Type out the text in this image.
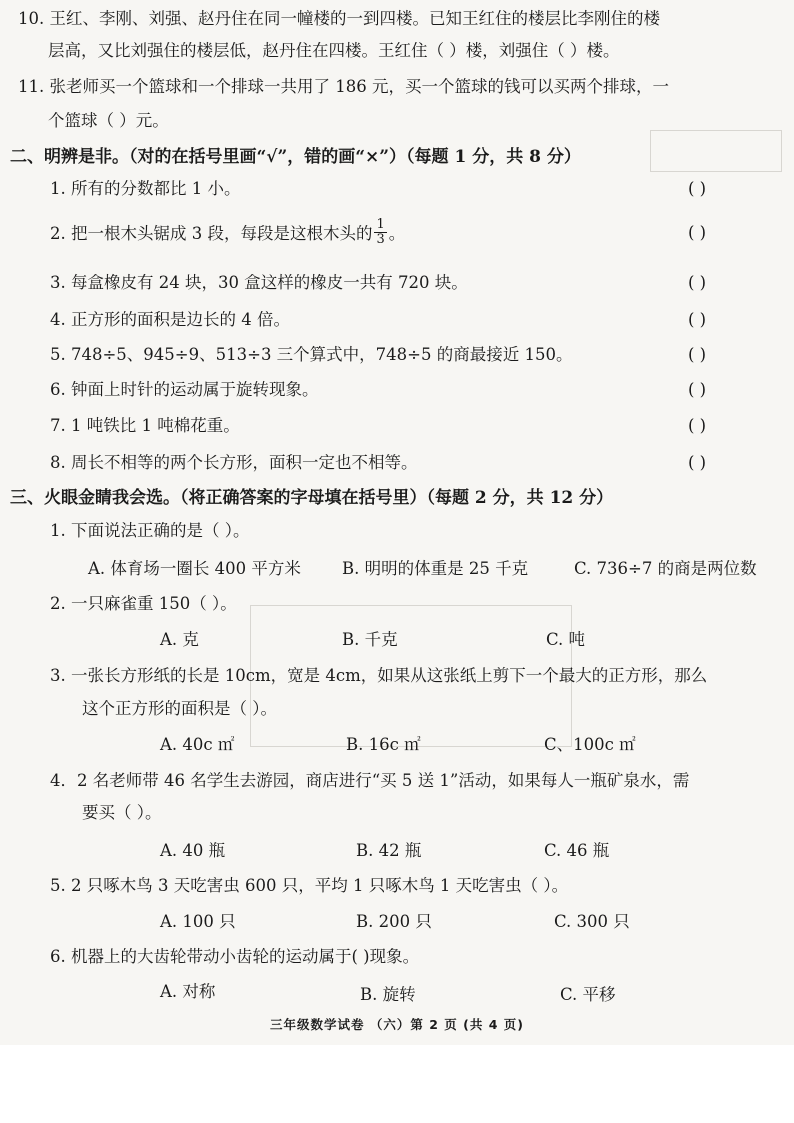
10. 王红、李刚、刘强、赵丹住在同一幢楼的一到四楼。已知王红住的楼层比李刚住的楼
层高，又比刘强住的楼层低，赵丹住在四楼。王红住（ ）楼，刘强住（ ）楼。
11. 张老师买一个篮球和一个排球一共用了 186 元，买一个篮球的钱可以买两个排球，一
个篮球（ ）元。
二、明辨是非。（对的在括号里画“√”，错的画“×”）（每题 1 分，共 8 分）
1. 所有的分数都比 1 小。	( )
2. 把一根木头锯成 3 段，每段是这根木头的 $\frac{1}{3}$ 。	( )
3. 每盒橡皮有 24 块，30 盒这样的橡皮一共有 720 块。	( )
4. 正方形的面积是边长的 4 倍。	( )
5. 748÷5、945÷9、513÷3 三个算式中，748÷5 的商最接近 150。	( )
6. 钟面上时针的运动属于旋转现象。	( )
7. 1 吨铁比 1 吨棉花重。	( )
8. 周长不相等的两个长方形，面积一定也不相等。	( )
三、火眼金睛我会选。（将正确答案的字母填在括号里）（每题 2 分，共 12 分）
1. 下面说法正确的是（ ）。
A. 体育场一圈长 400 平方米 B. 明明的体重是 25 千克	C. 736÷7 的商是两位数
2. 一只麻雀重 150（ ）。
A. 克	B. 千克	C. 吨
3. 一张长方形纸的长是 10cm，宽是 4cm，如果从这张纸上剪下一个最大的正方形，那么
这个正方形的面积是（ ）。
A. 40c ㎡	B. 16c ㎡	C、100c ㎡
4．2 名老师带 46 名学生去游园，商店进行“买 5 送 1”活动，如果每人一瓶矿泉水，需
要买（ ）。
A. 40 瓶	B. 42 瓶	C. 46 瓶
5. 2 只啄木鸟 3 天吃害虫 600 只，平均 1 只啄木鸟 1 天吃害虫（ ）。
A. 100 只	B. 200 只	C. 300 只
6. 机器上的大齿轮带动小齿轮的运动属于( )现象。
A. 对称	B. 旋转	C. 平移
三年级数学试卷 （六）第 2 页 (共 4 页)
